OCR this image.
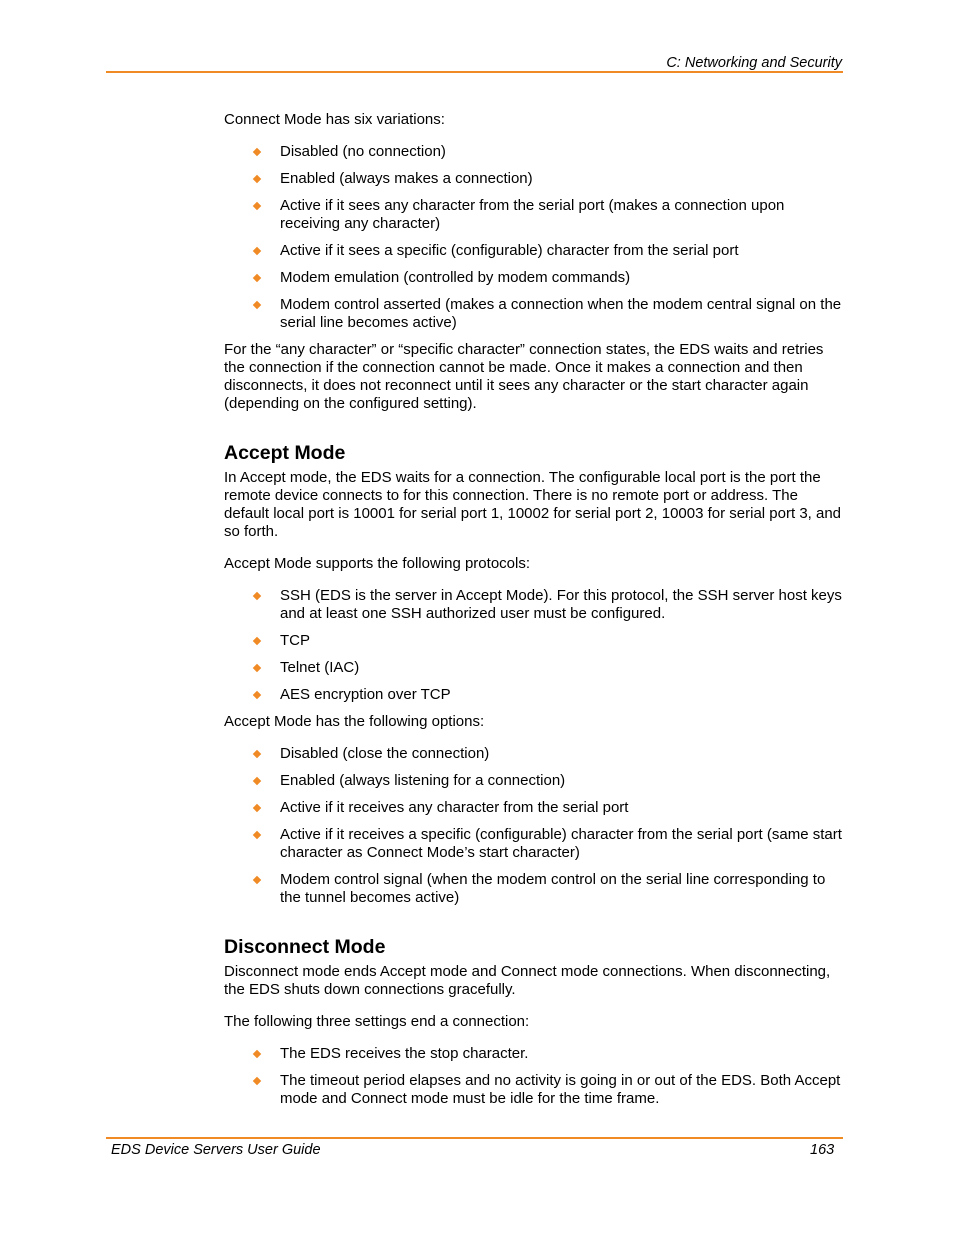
C: Networking and Security

Connect Mode has six variations:

Disabled (no connection)
Enabled (always makes a connection)
Active if it sees any character from the serial port (makes a connection upon receiving any character)
Active if it sees a specific (configurable) character from the serial port
Modem emulation (controlled by modem commands)
Modem control asserted (makes a connection when the modem central signal on the serial line becomes active)

For the “any character” or “specific character” connection states, the EDS waits and retries the connection if the connection cannot be made. Once it makes a connection and then disconnects, it does not reconnect until it sees any character or the start character again (depending on the configured setting).

Accept Mode

In Accept mode, the EDS waits for a connection. The configurable local port is the port the remote device connects to for this connection. There is no remote port or address. The default local port is 10001 for serial port 1, 10002 for serial port 2, 10003 for serial port 3, and so forth.

Accept Mode supports the following protocols:

SSH (EDS is the server in Accept Mode). For this protocol, the SSH server host keys and at least one SSH authorized user must be configured.
TCP
Telnet (IAC)
AES encryption over TCP

Accept Mode has the following options:

Disabled (close the connection)
Enabled (always listening for a connection)
Active if it receives any character from the serial port
Active if it receives a specific (configurable) character from the serial port (same start character as Connect Mode’s start character)
Modem control signal (when the modem control on the serial line corresponding to the tunnel becomes active)
Disconnect Mode

Disconnect mode ends Accept mode and Connect mode connections. When disconnecting, the EDS shuts down connections gracefully.

The following three settings end a connection:

The EDS receives the stop character.
The timeout period elapses and no activity is going in or out of the EDS. Both Accept mode and Connect mode must be idle for the time frame.
EDS Device Servers User Guide	163
